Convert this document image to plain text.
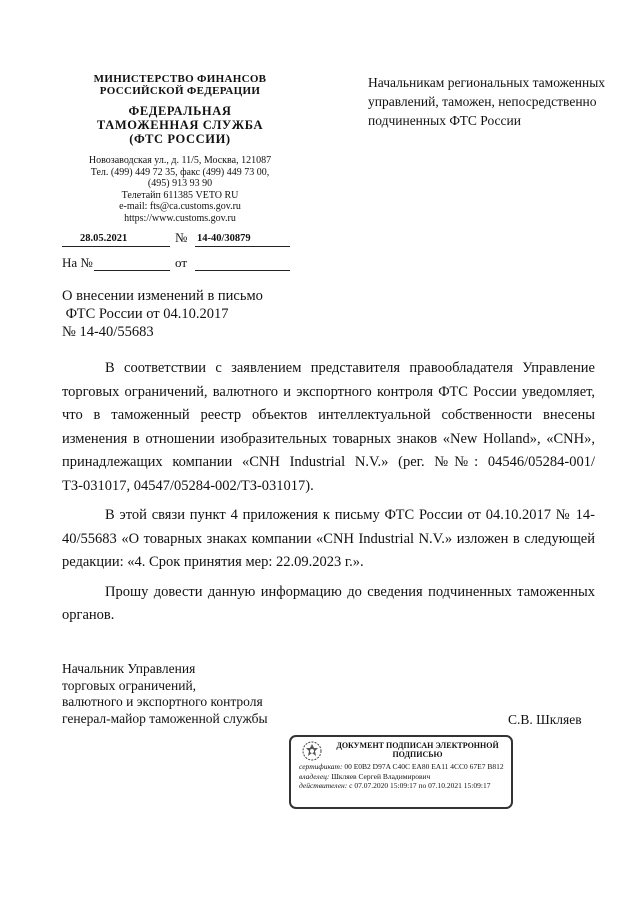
МИНИСТЕРСТВО ФИНАНСОВ
РОССИЙСКОЙ ФЕДЕРАЦИИ
ФЕДЕРАЛЬНАЯ
ТАМОЖЕННАЯ СЛУЖБА
(ФТС РОССИИ)
Новозаводская ул., д. 11/5, Москва, 121087
Тел. (499) 449 72 35, факс (499) 449 73 00,
(495) 913 93 90
Телетайп 611385 VETO RU
e-mail: fts@ca.customs.gov.ru
https://www.customs.gov.ru
28.05.2021	№ 14-40/30879
На №	от
Начальникам региональных таможенных управлений, таможен, непосредственно подчиненных ФТС России
О внесении изменений в письмо
ФТС России от 04.10.2017
№ 14-40/55683

В соответствии с заявлением представителя правообладателя Управление торговых ограничений, валютного и экспортного контроля ФТС России уведомляет, что в таможенный реестр объектов интеллектуальной собственности внесены изменения в отношении изобразительных товарных знаков «New Holland», «CNH», принадлежащих компании «CNH Industrial N.V.» (рег. №№: 04546/05284-001/ТЗ-031017, 04547/05284-002/ТЗ-031017).

В этой связи пункт 4 приложения к письму ФТС России от 04.10.2017 № 14-40/55683 «О товарных знаках компании «CNH Industrial N.V.» изложен в следующей редакции: «4. Срок принятия мер: 22.09.2023 г.».

Прошу довести данную информацию до сведения подчиненных таможенных органов.

Начальник Управления
торговых ограничений,
валютного и экспортного контроля
генерал-майор таможенной службы	С.В. Шкляев
ДОКУМЕНТ ПОДПИСАН ЭЛЕКТРОННОЙ
ПОДПИСЬЮ
сертификат: 00 E0B2 D97A C40C EA80 EA11 4CC0 67E7 B812
владелец: Шкляев Сергей Владимирович
действителен: с 07.07.2020 15:09:17 по 07.10.2021 15:09:17
